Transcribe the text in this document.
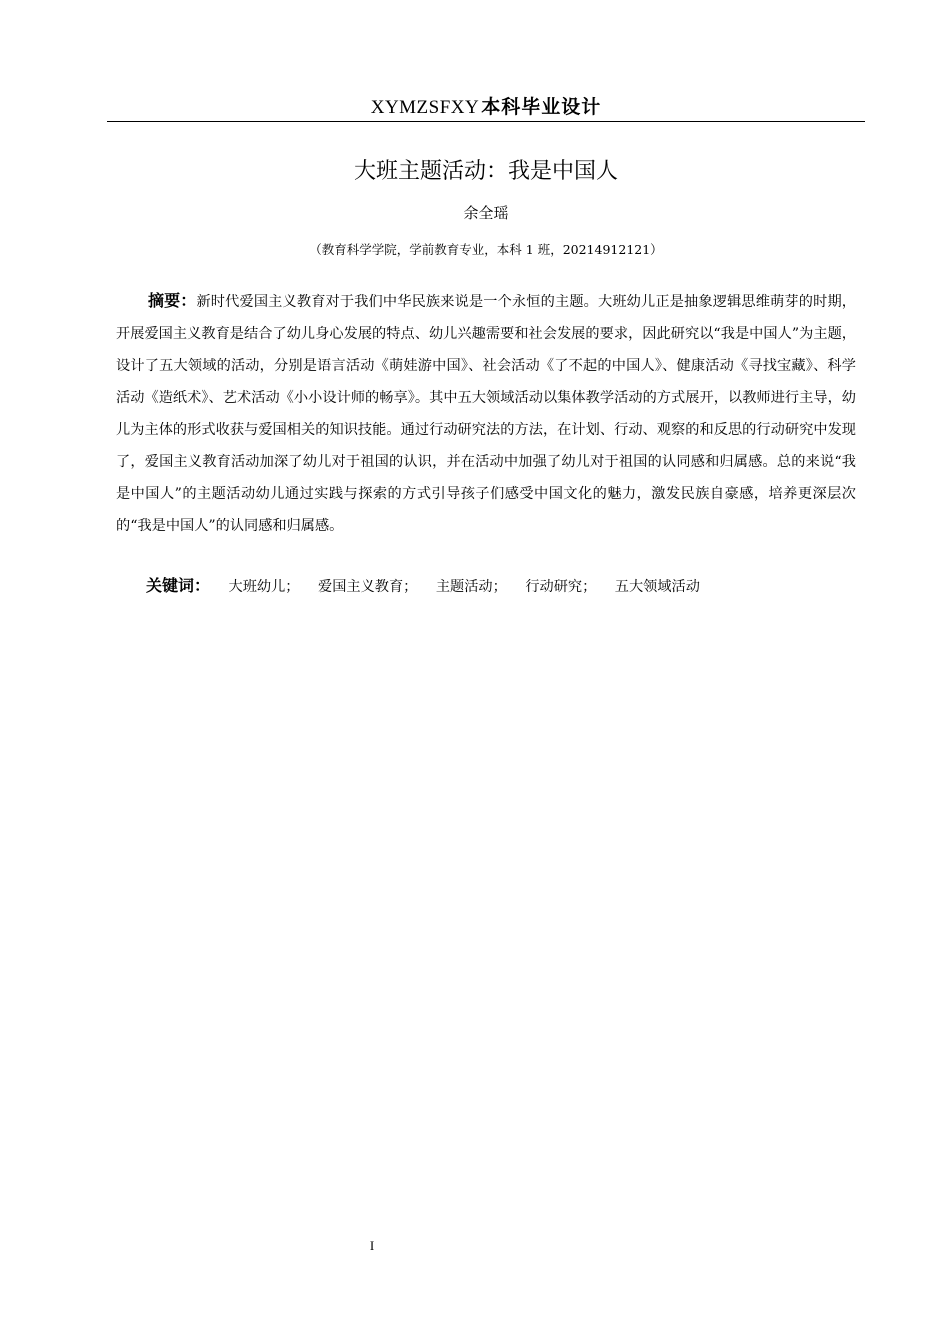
XYMZSFXY 本科毕业设计
大班主题活动：我是中国人
余全瑶
（教育科学学院，学前教育专业，本科 1 班，20214912121）
摘要：新时代爱国主义教育对于我们中华民族来说是一个永恒的主题。大班幼儿正是抽象逻辑思维萌芽的时期，开展爱国主义教育是结合了幼儿身心发展的特点、幼儿兴趣需要和社会发展的要求，因此研究以“我是中国人”为主题，设计了五大领域的活动，分别是语言活动《萌娃游中国》、社会活动《了不起的中国人》、健康活动《寻找宝藏》、科学活动《造纸术》、艺术活动《小小设计师的畅享》。其中五大领域活动以集体教学活动的方式展开，以教师进行主导，幼儿为主体的形式收获与爱国相关的知识技能。通过行动研究法的方法，在计划、行动、观察的和反思的行动研究中发现了，爱国主义教育活动加深了幼儿对于祖国的认识，并在活动中加强了幼儿对于祖国的认同感和归属感。总的来说“我是中国人”的主题活动幼儿通过实践与探索的方式引导孩子们感受中国文化的魅力，激发民族自豪感，培养更深层次的“我是中国人”的认同感和归属感。
关键词： 大班幼儿； 爱国主义教育； 主题活动； 行动研究； 五大领域活动
I
